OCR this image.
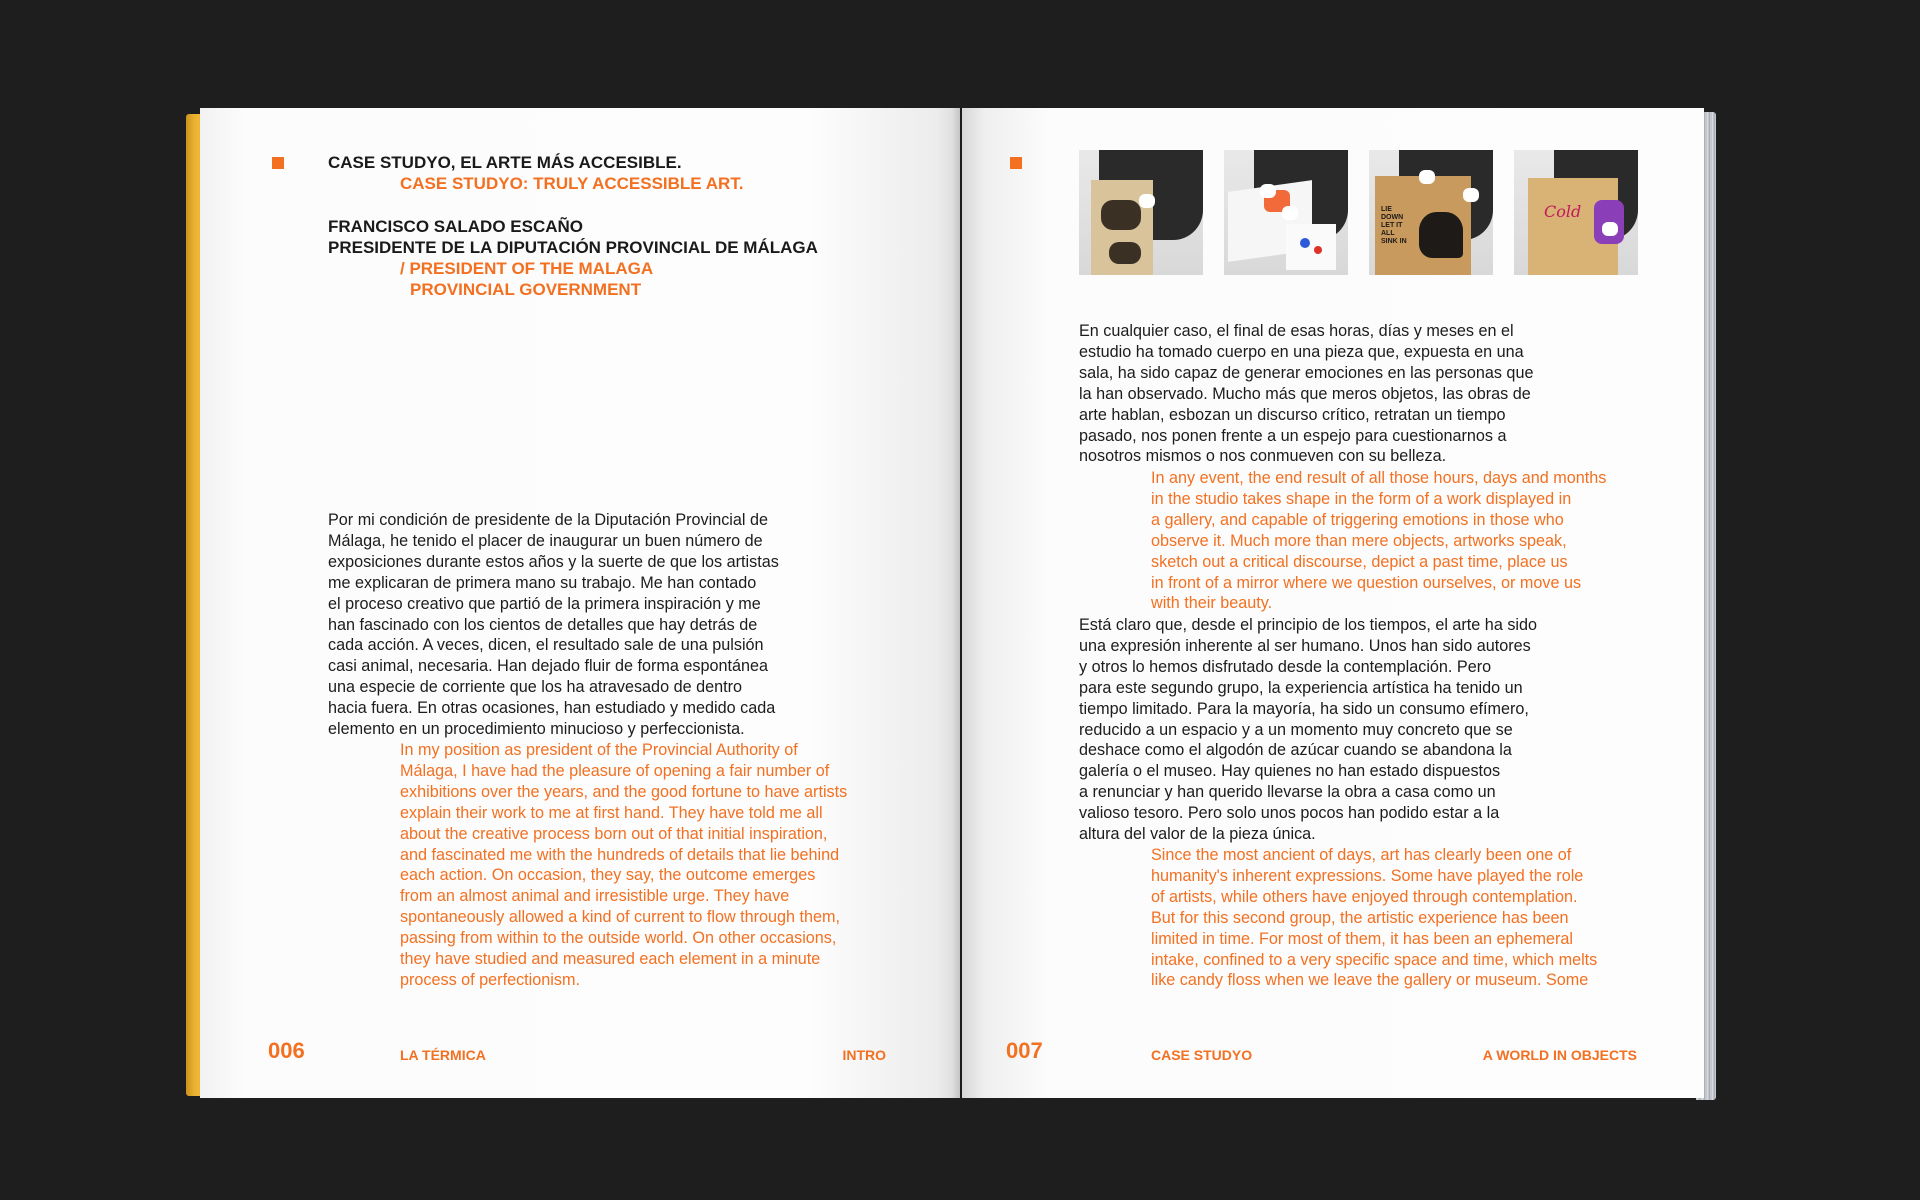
CASE STUDYO, EL ARTE MÁS ACCESIBLE.
CASE STUDYO: TRULY ACCESSIBLE ART.
FRANCISCO SALADO ESCAÑO
PRESIDENTE DE LA DIPUTACIÓN PROVINCIAL DE MÁLAGA
/ PRESIDENT OF THE MALAGA
PROVINCIAL GOVERNMENT
Por mi condición de presidente de la Diputación Provincial de
Málaga, he tenido el placer de inaugurar un buen número de
exposiciones durante estos años y la suerte de que los artistas
me explicaran de primera mano su trabajo. Me han contado
el proceso creativo que partió de la primera inspiración y me
han fascinado con los cientos de detalles que hay detrás de
cada acción. A veces, dicen, el resultado sale de una pulsión
casi animal, necesaria. Han dejado fluir de forma espontánea
una especie de corriente que los ha atravesado de dentro
hacia fuera. En otras ocasiones, han estudiado y medido cada
elemento en un procedimiento minucioso y perfeccionista.
In my position as president of the Provincial Authority of
Málaga, I have had the pleasure of opening a fair number of
exhibitions over the years, and the good fortune to have artists
explain their work to me at first hand. They have told me all
about the creative process born out of that initial inspiration,
and fascinated me with the hundreds of details that lie behind
each action. On occasion, they say, the outcome emerges
from an almost animal and irresistible urge. They have
spontaneously allowed a kind of current to flow through them,
passing from within to the outside world. On other occasions,
they have studied and measured each element in a minute
process of perfectionism.
006	LA TÉRMICA	INTRO
LIE
DOWN
LET IT
ALL
SINK IN
Cold
En cualquier caso, el final de esas horas, días y meses en el
estudio ha tomado cuerpo en una pieza que, expuesta en una
sala, ha sido capaz de generar emociones en las personas que
la han observado. Mucho más que meros objetos, las obras de
arte hablan, esbozan un discurso crítico, retratan un tiempo
pasado, nos ponen frente a un espejo para cuestionarnos a
nosotros mismos o nos conmueven con su belleza.
In any event, the end result of all those hours, days and months
in the studio takes shape in the form of a work displayed in
a gallery, and capable of triggering emotions in those who
observe it. Much more than mere objects, artworks speak,
sketch out a critical discourse, depict a past time, place us
in front of a mirror where we question ourselves, or move us
with their beauty.
Está claro que, desde el principio de los tiempos, el arte ha sido
una expresión inherente al ser humano. Unos han sido autores
y otros lo hemos disfrutado desde la contemplación. Pero
para este segundo grupo, la experiencia artística ha tenido un
tiempo limitado. Para la mayoría, ha sido un consumo efímero,
reducido a un espacio y a un momento muy concreto que se
deshace como el algodón de azúcar cuando se abandona la
galería o el museo. Hay quienes no han estado dispuestos
a renunciar y han querido llevarse la obra a casa como un
valioso tesoro. Pero solo unos pocos han podido estar a la
altura del valor de la pieza única.
Since the most ancient of days, art has clearly been one of
humanity's inherent expressions. Some have played the role
of artists, while others have enjoyed through contemplation.
But for this second group, the artistic experience has been
limited in time. For most of them, it has been an ephemeral
intake, confined to a very specific space and time, which melts
like candy floss when we leave the gallery or museum. Some
007	CASE STUDYO	A WORLD IN OBJECTS
